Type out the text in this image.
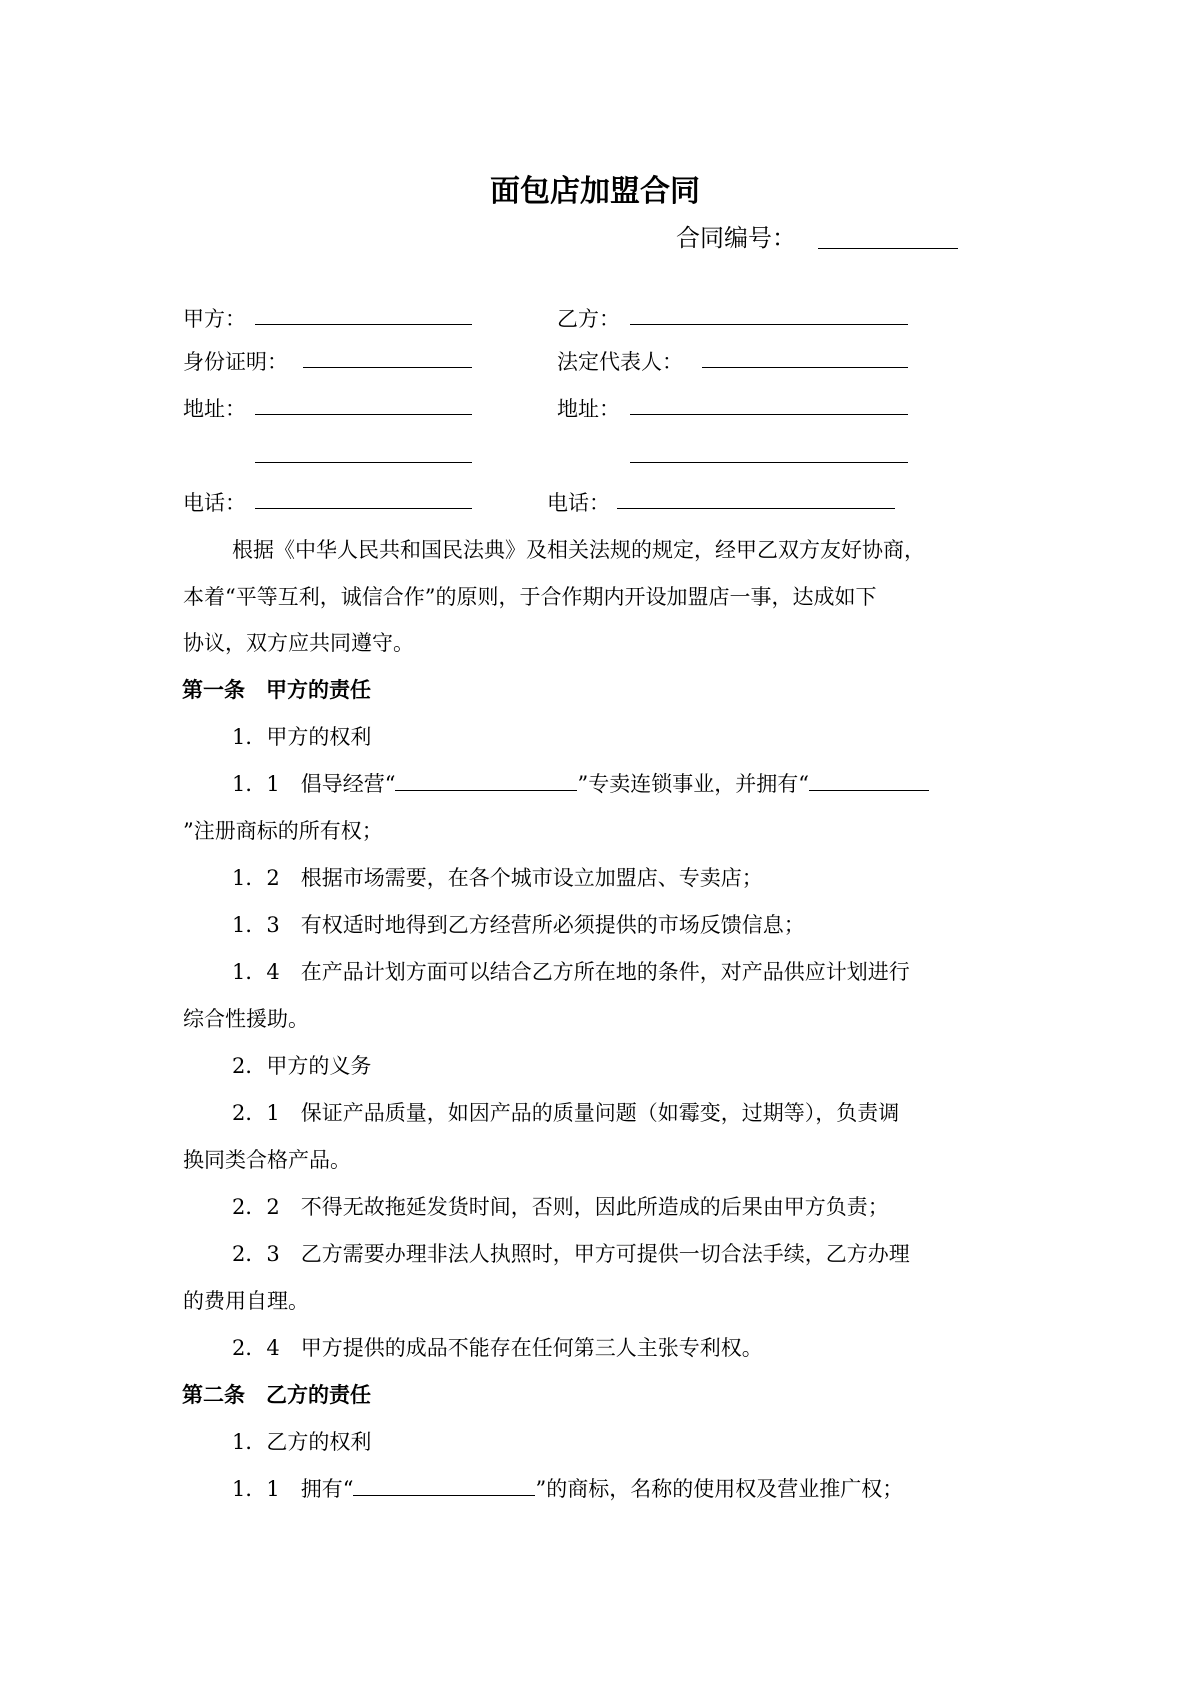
面包店加盟合同
合同编号：
甲方：	乙方：
身份证明：	法定代表人：
地址：	地址：
电话：	电话：
根据《中华人民共和国民法典》及相关法规的规定，经甲乙双方友好协商，
本着“平等互利，诚信合作”的原则，于合作期内开设加盟店一事，达成如下
协议，双方应共同遵守。
第一条　甲方的责任
1．甲方的权利
1．1　倡导经营“	”专卖连锁事业，并拥有“
”注册商标的所有权；
1．2　根据市场需要，在各个城市设立加盟店、专卖店；
1．3　有权适时地得到乙方经营所必须提供的市场反馈信息；
1．4　在产品计划方面可以结合乙方所在地的条件，对产品供应计划进行
综合性援助。
2．甲方的义务
2．1　保证产品质量，如因产品的质量问题（如霉变，过期等），负责调
换同类合格产品。
2．2　不得无故拖延发货时间，否则，因此所造成的后果由甲方负责；
2．3　乙方需要办理非法人执照时，甲方可提供一切合法手续，乙方办理
的费用自理。
2．4　甲方提供的成品不能存在任何第三人主张专利权。
第二条　乙方的责任
1．乙方的权利
1．1　拥有“	”的商标，名称的使用权及营业推广权；
